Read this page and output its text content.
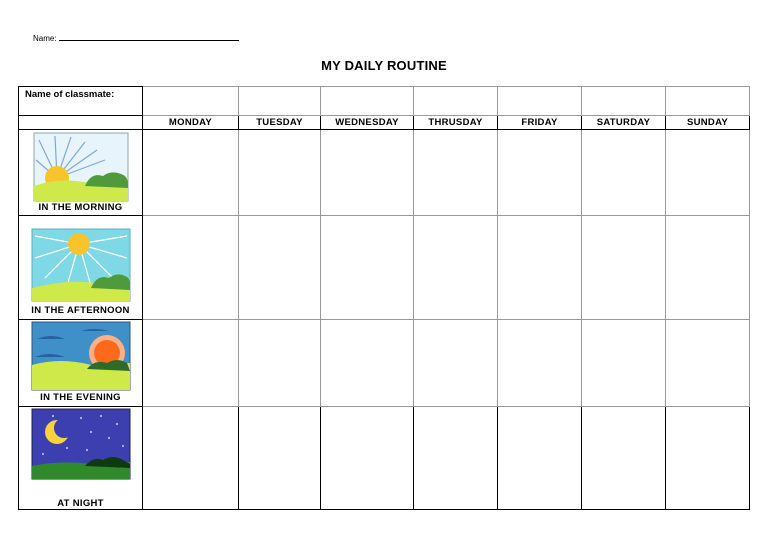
Name:
MY DAILY ROUTINE
Name of classmate:							
	MONDAY	TUESDAY	WEDNESDAY	THRUSDAY	FRIDAY	SATURDAY	SUNDAY

IN THE MORNING							

IN THE AFTERNOON							

IN THE EVENING							

AT NIGHT							
